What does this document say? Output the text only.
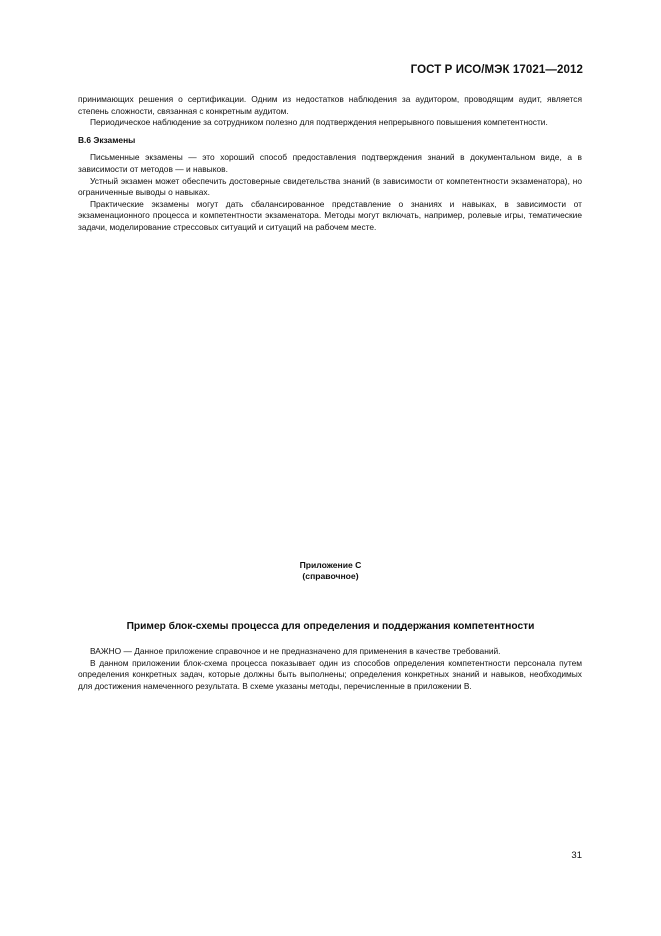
ГОСТ Р ИСО/МЭК 17021—2012

принимающих решения о сертификации. Одним из недостатков наблюдения за аудитором, проводящим аудит, является степень сложности, связанная с конкретным аудитом.

Периодическое наблюдение за сотрудником полезно для подтверждения непрерывного повышения компетентности.

В.6 Экзамены

Письменные экзамены — это хороший способ предоставления подтверждения знаний в документальном виде, а в зависимости от методов — и навыков.

Устный экзамен может обеспечить достоверные свидетельства знаний (в зависимости от компетентности экзаменатора), но ограниченные выводы о навыках.

Практические экзамены могут дать сбалансированное представление о знаниях и навыках, в зависимости от экзаменационного процесса и компетентности экзаменатора. Методы могут включать, например, ролевые игры, тематические задачи, моделирование стрессовых ситуаций и ситуаций на рабочем месте.

Приложение С
(справочное)
Пример блок-схемы процесса для определения и поддержания компетентности

ВАЖНО — Данное приложение справочное и не предназначено для применения в качестве требований.

В данном приложении блок-схема процесса показывает один из способов определения компетентности персонала путем определения конкретных задач, которые должны быть выполнены; определения конкретных знаний и навыков, необходимых для достижения намеченного результата. В схеме указаны методы, перечисленные в приложении В.

31
